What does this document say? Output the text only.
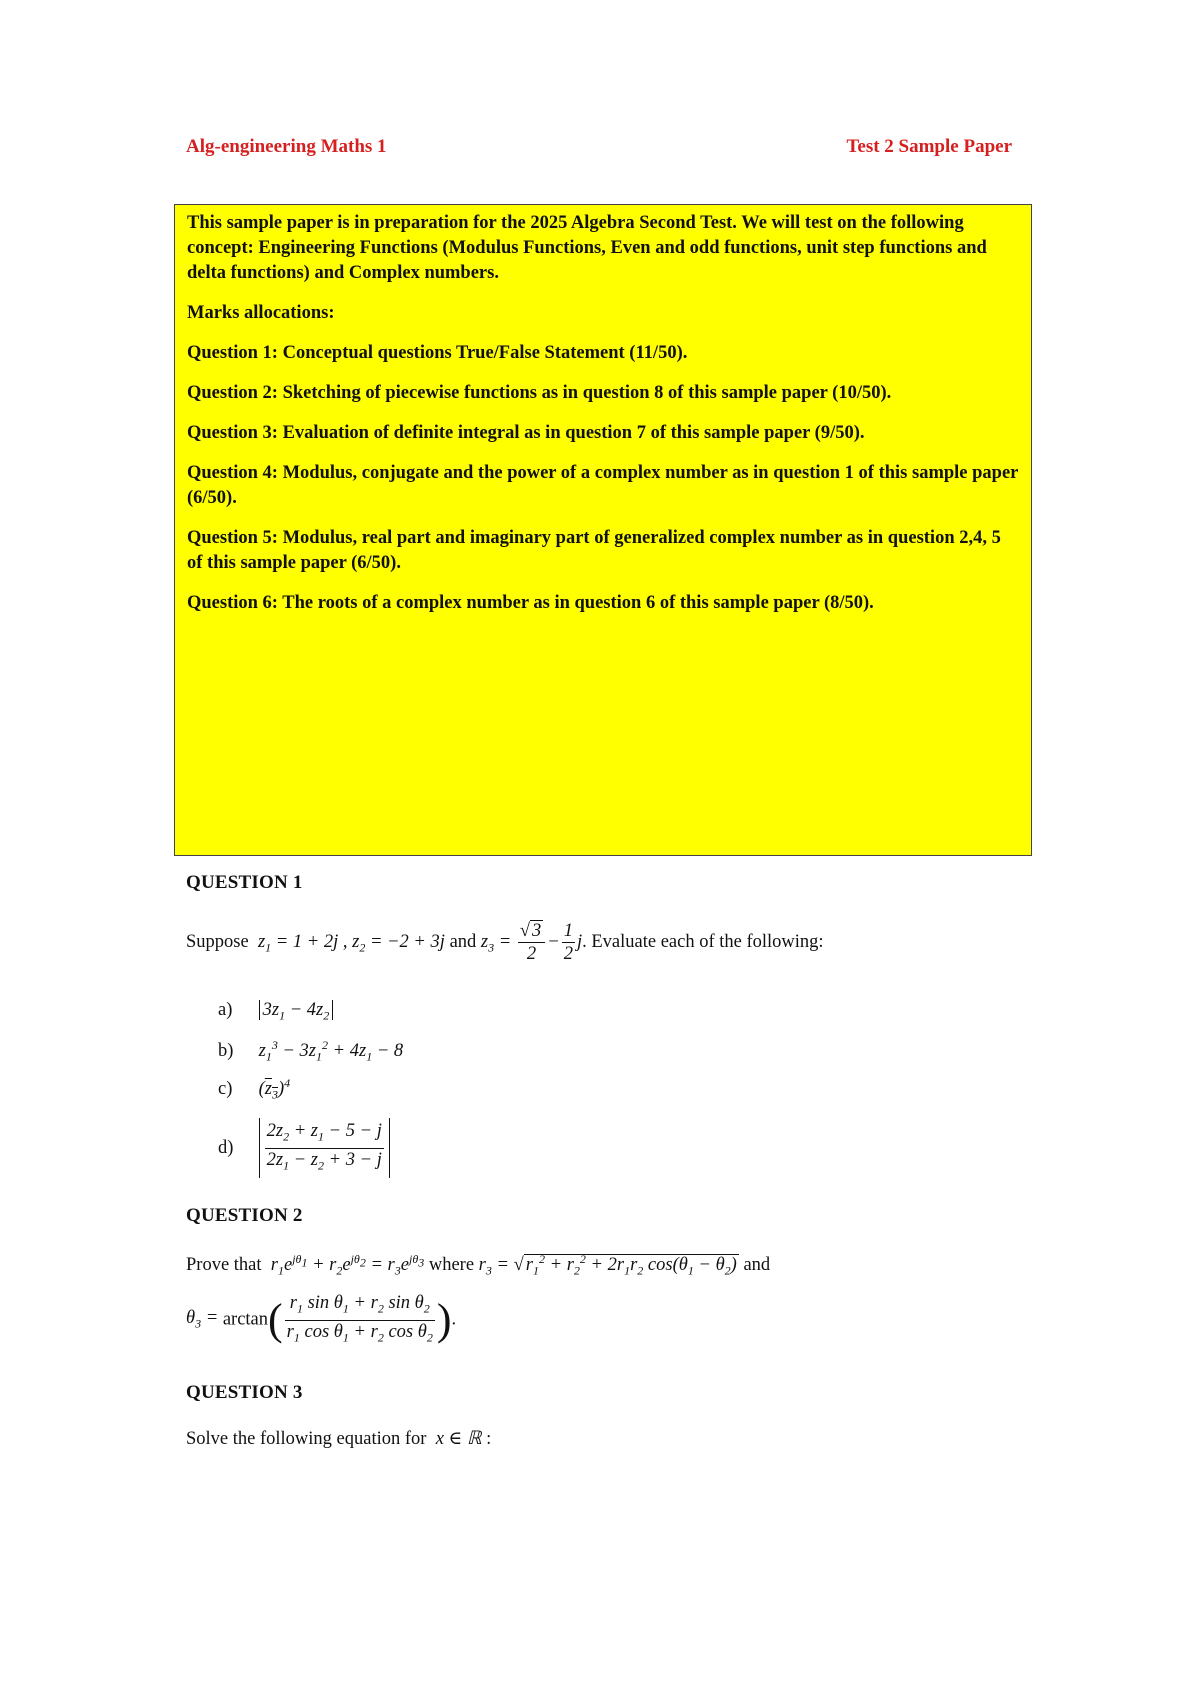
Alg-engineering Maths 1	Test 2 Sample Paper

This sample paper is in preparation for the 2025 Algebra Second Test. We will test on the following concept: Engineering Functions (Modulus Functions, Even and odd functions, unit step functions and delta functions) and Complex numbers.

Marks allocations:

Question 1: Conceptual questions True/False Statement (11/50).

Question 2: Sketching of piecewise functions as in question 8 of this sample paper (10/50).

Question 3: Evaluation of definite integral as in question 7 of this sample paper (9/50).

Question 4: Modulus, conjugate and the power of a complex number as in question 1 of this sample paper (6/50).

Question 5: Modulus, real part and imaginary part of generalized complex number as in question 2,4, 5 of this sample paper (6/50).

Question 6: The roots of a complex number as in question 6 of this sample paper (8/50).

QUESTION 1
Suppose  $z_1 = 1 + 2j$ , $z_2 = -2 + 3j$ and $z_3 = \frac{√ 3}{2} - \frac{1}{2} j$. Evaluate each of the following:
a) $3z_1 - 4z_2$
b) $z_1^3 - 3z_1^2 + 4z_1 - 8$
c) $(z_3)^4$
$d) \frac{2z_2 + z_1 - 5 - j}{2z_1 - z_2 + 3 - j}$
QUESTION 2
Prove that  $r_1e^{j\theta_1} + r_2e^{j\theta_2} = r_3e^{j\theta_3}$ where $r_3$ = √ $r_1^2 + r_2^2 + 2r_1r_2$ $\cos(\theta_1 - \theta_2)$ and
$\theta_3 = \arctan( \frac{r_1 \sin \theta_1 + r_2 \sin \theta_2}{r_1 \cos \theta_1 + r_2 \cos \theta_2}$ ).
QUESTION 3
Solve the following equation for  x ∈ ℝ :
